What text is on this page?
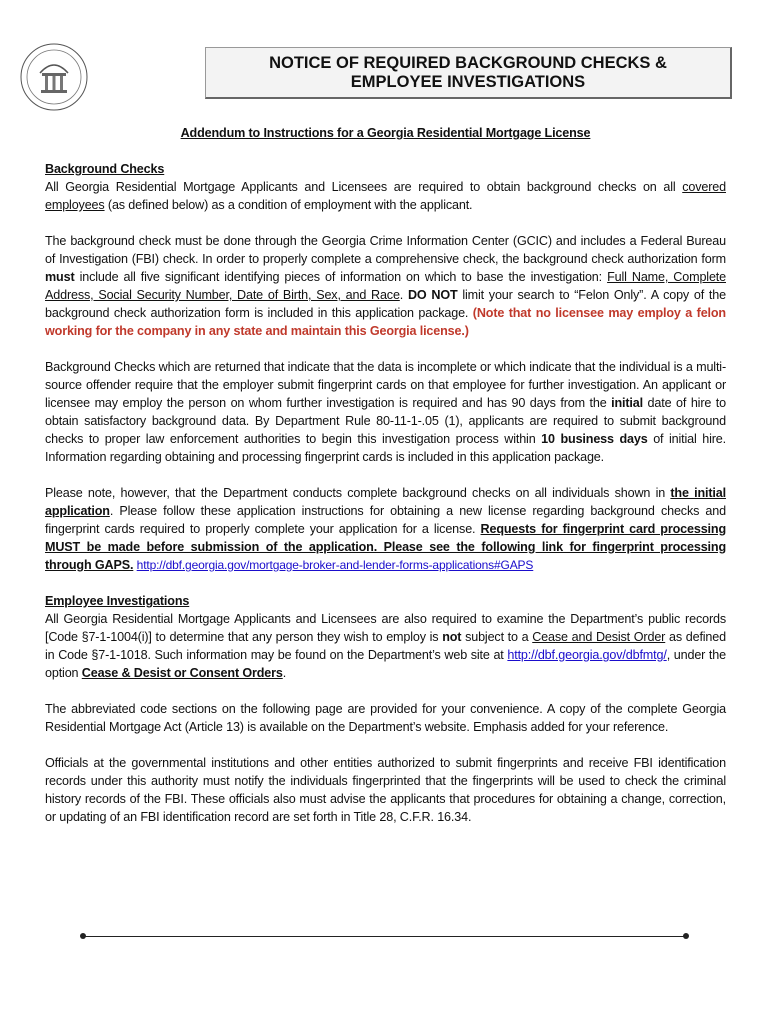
NOTICE OF REQUIRED BACKGROUND CHECKS &
EMPLOYEE INVESTIGATIONS
Addendum to Instructions for a Georgia Residential Mortgage License

Background Checks
All Georgia Residential Mortgage Applicants and Licensees are required to obtain background checks on all covered employees (as defined below) as a condition of employment with the applicant.

The background check must be done through the Georgia Crime Information Center (GCIC) and includes a Federal Bureau of Investigation (FBI) check. In order to properly complete a comprehensive check, the background check authorization form must include all five significant identifying pieces of information on which to base the investigation: Full Name, Complete Address, Social Security Number, Date of Birth, Sex, and Race. DO NOT limit your search to “Felon Only”. A copy of the background check authorization form is included in this application package. (Note that no licensee may employ a felon working for the company in any state and maintain this Georgia license.)

Background Checks which are returned that indicate that the data is incomplete or which indicate that the individual is a multi-source offender require that the employer submit fingerprint cards on that employee for further investigation. An applicant or licensee may employ the person on whom further investigation is required and has 90 days from the initial date of hire to obtain satisfactory background data. By Department Rule 80-11-1-.05 (1), applicants are required to submit background checks to proper law enforcement authorities to begin this investigation process within 10 business days of initial hire. Information regarding obtaining and processing fingerprint cards is included in this application package.

Please note, however, that the Department conducts complete background checks on all individuals shown in the initial application. Please follow these application instructions for obtaining a new license regarding background checks and fingerprint cards required to properly complete your application for a license. Requests for fingerprint card processing MUST be made before submission of the application. Please see the following link for fingerprint processing through GAPS. http://dbf.georgia.gov/mortgage-broker-and-lender-forms-applications#GAPS

Employee Investigations
All Georgia Residential Mortgage Applicants and Licensees are also required to examine the Department’s public records [Code §7-1-1004(i)] to determine that any person they wish to employ is not subject to a Cease and Desist Order as defined in Code §7-1-1018. Such information may be found on the Department’s web site at http://dbf.georgia.gov/dbfmtg/, under the option Cease & Desist or Consent Orders.

The abbreviated code sections on the following page are provided for your convenience. A copy of the complete Georgia Residential Mortgage Act (Article 13) is available on the Department’s website. Emphasis added for your reference.

Officials at the governmental institutions and other entities authorized to submit fingerprints and receive FBI identification records under this authority must notify the individuals fingerprinted that the fingerprints will be used to check the criminal history records of the FBI. These officials also must advise the applicants that procedures for obtaining a change, correction, or updating of an FBI identification record are set forth in Title 28, C.F.R. 16.34.
